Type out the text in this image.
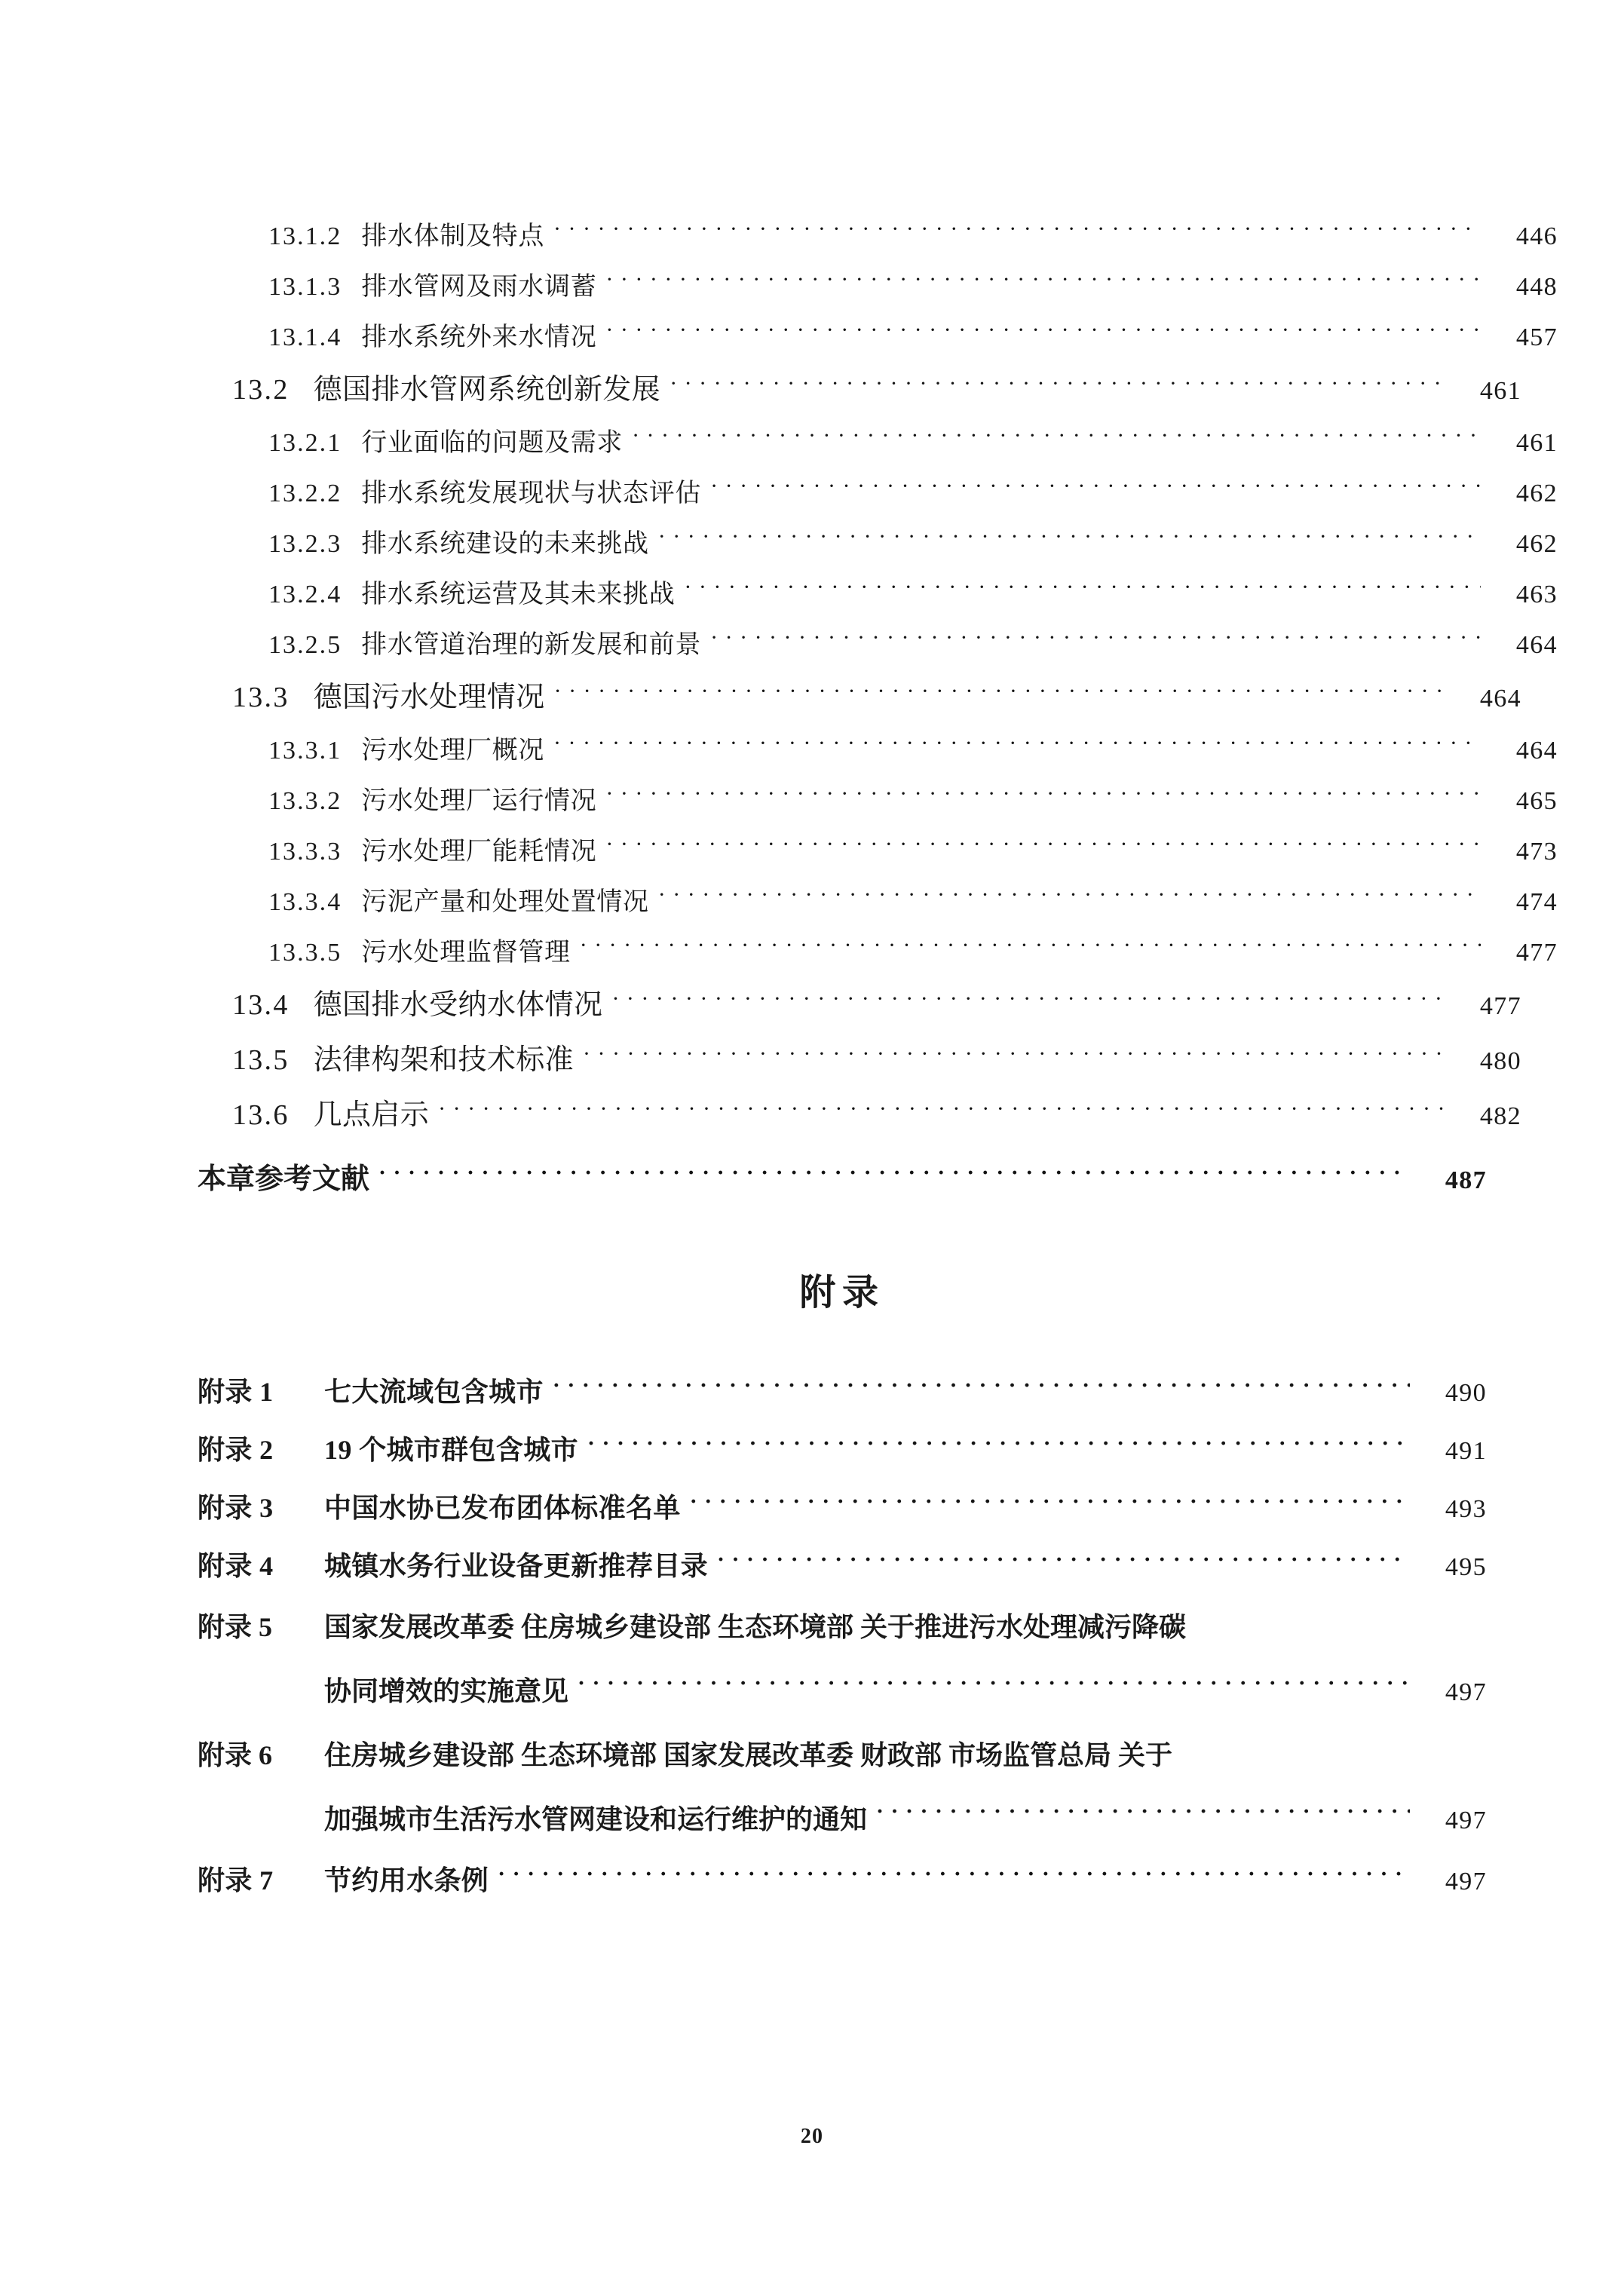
13.1.2 排水体制及特点 ·····	446
13.1.3 排水管网及雨水调蓄 ·····	448
13.1.4 排水系统外来水情况 ·····	457
13.2 德国排水管网系统创新发展 ·····	461
13.2.1 行业面临的问题及需求 ·····	461
13.2.2 排水系统发展现状与状态评估 ·····	462
13.2.3 排水系统建设的未来挑战 ·····	462
13.2.4 排水系统运营及其未来挑战 ·····	463
13.2.5 排水管道治理的新发展和前景 ·····	464
13.3 德国污水处理情况 ·····	464
13.3.1 污水处理厂概况 ·····	464
13.3.2 污水处理厂运行情况 ·····	465
13.3.3 污水处理厂能耗情况 ·····	473
13.3.4 污泥产量和处理处置情况 ·····	474
13.3.5 污水处理监督管理 ·····	477
13.4 德国排水受纳水体情况 ·····	477
13.5 法律构架和技术标准 ·····	480
13.6 几点启示 ·····	482
本章参考文献 ·····	487
附录
附录 1	七大流域包含城市 ·····	490
附录 2	19 个城市群包含城市 ·····	491
附录 3	中国水协已发布团体标准名单 ·····	493
附录 4	城镇水务行业设备更新推荐目录 ·····	495
附录 5	国家发展改革委 住房城乡建设部 生态环境部 关于推进污水处理减污降碳
协同增效的实施意见 ·····	497
附录 6	住房城乡建设部 生态环境部 国家发展改革委 财政部 市场监管总局 关于
加强城市生活污水管网建设和运行维护的通知 ·····	497
附录 7	节约用水条例 ·····	497
20
